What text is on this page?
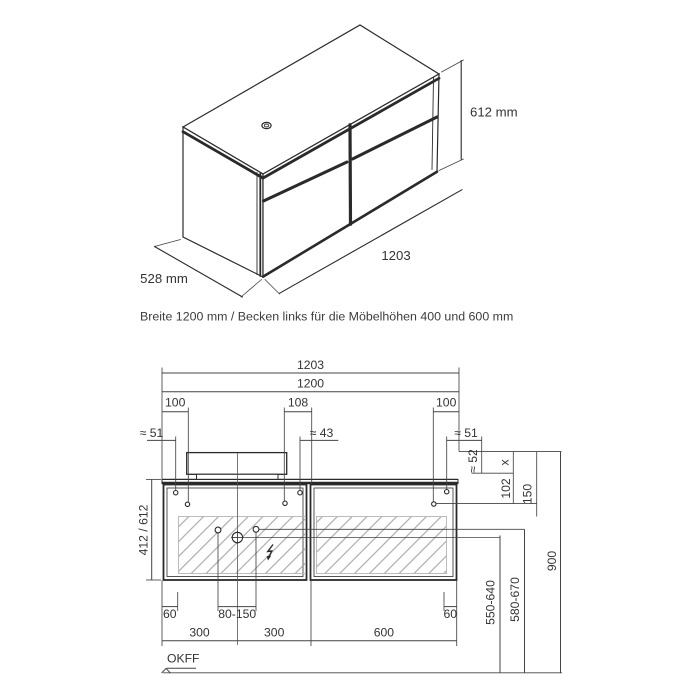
612 mm
1203
528 mm
Breite 1200 mm / Becken links für die Möbelhöhen 400 und 600 mm
1203
1200
100	108	100
≈ 51	≈ 43	≈ 51
≈ 52 x
102 150
900
550-640 580-670
412 / 612
60	80-150	60
300	300	600
OKFF
